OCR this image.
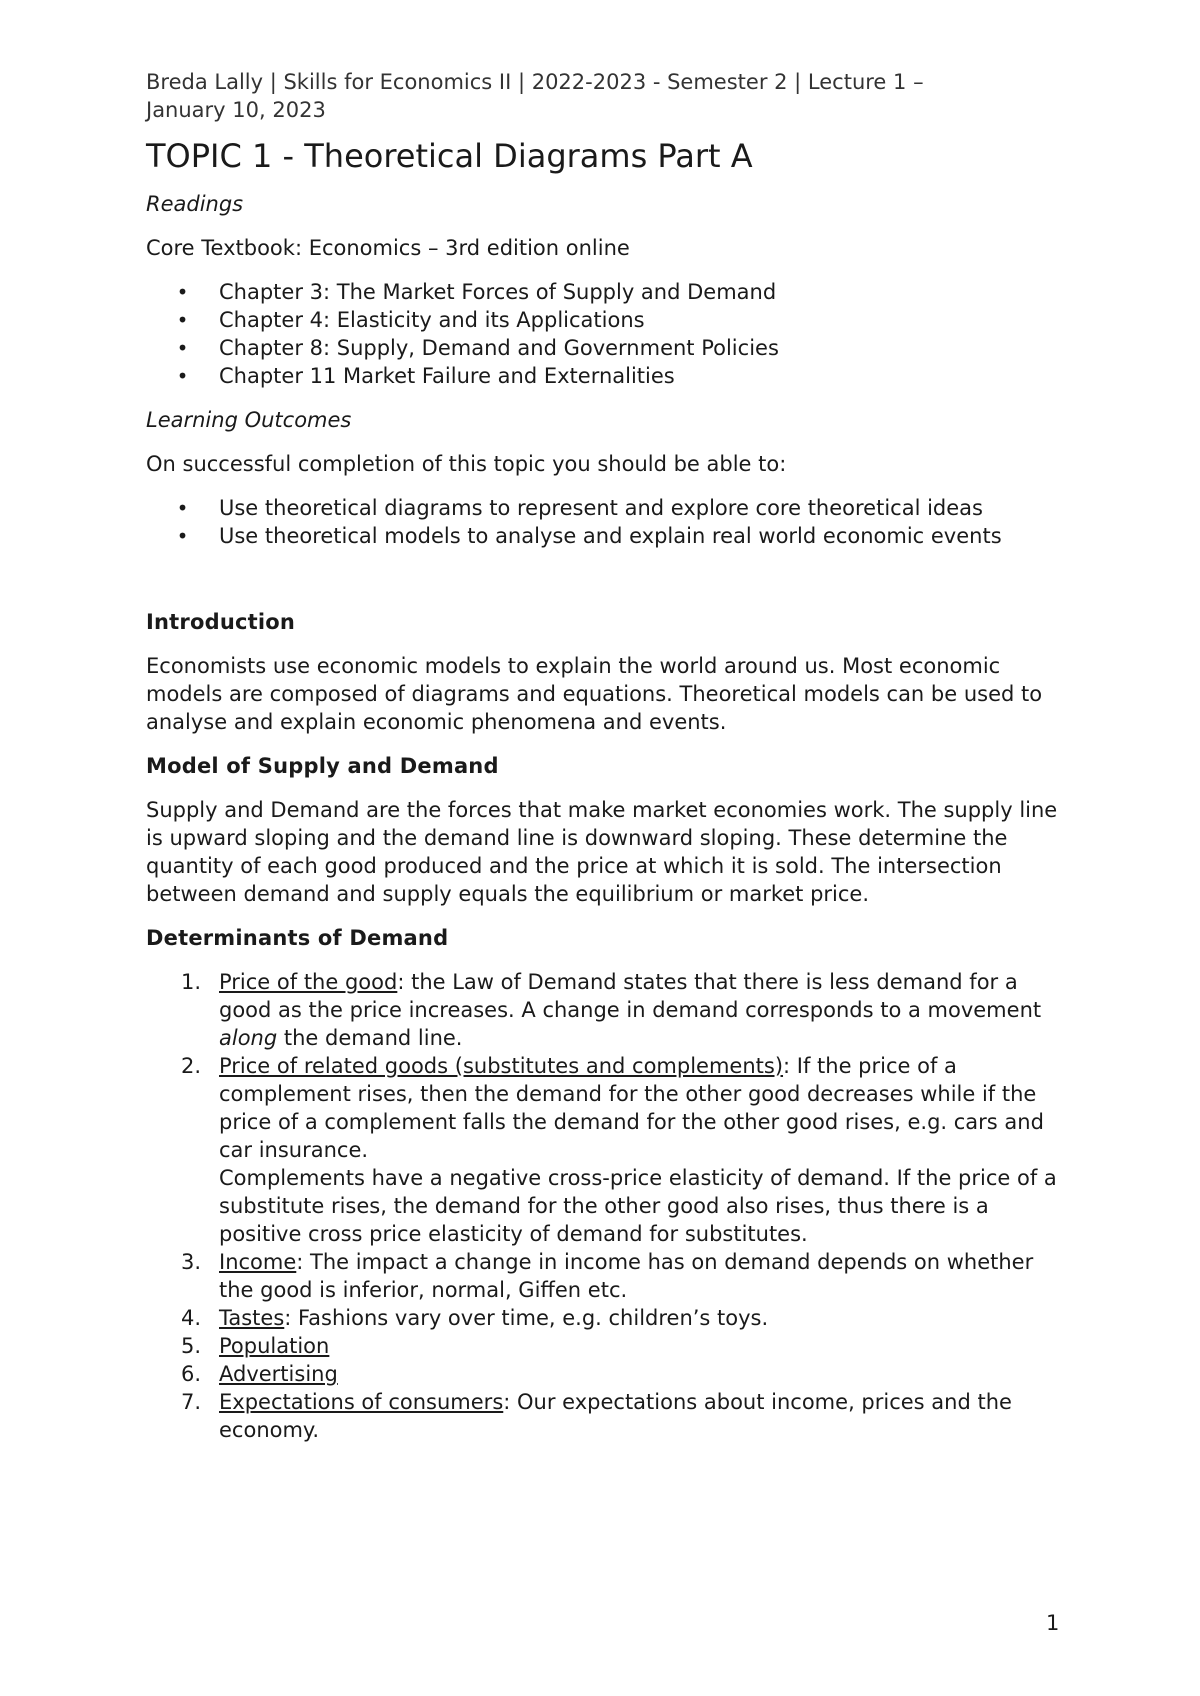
Breda Lally | Skills for Economics II | 2022-2023 - Semester 2 | Lecture 1 –
January 10, 2023
TOPIC 1 - Theoretical Diagrams Part A
Readings

Core Textbook: Economics – 3rd edition online

• Chapter 3: The Market Forces of Supply and Demand
• Chapter 4: Elasticity and its Applications
• Chapter 8: Supply, Demand and Government Policies
• Chapter 11 Market Failure and Externalities
Learning Outcomes

On successful completion of this topic you should be able to:

• Use theoretical diagrams to represent and explore core theoretical ideas
• Use theoretical models to analyse and explain real world economic events
Introduction

Economists use economic models to explain the world around us. Most economic models are composed of diagrams and equations. Theoretical models can be used to analyse and explain economic phenomena and events.

Model of Supply and Demand

Supply and Demand are the forces that make market economies work. The supply line is upward sloping and the demand line is downward sloping. These determine the quantity of each good produced and the price at which it is sold. The intersection between demand and supply equals the equilibrium or market price.

Determinants of Demand
1. Price of the good: the Law of Demand states that there is less demand for a good as the price increases. A change in demand corresponds to a movement along the demand line.
2. Price of related goods (substitutes and complements): If the price of a complement rises, then the demand for the other good decreases while if the price of a complement falls the demand for the other good rises, e.g. cars and car insurance.
Complements have a negative cross-price elasticity of demand. If the price of a substitute rises, the demand for the other good also rises, thus there is a positive cross price elasticity of demand for substitutes.
3. Income: The impact a change in income has on demand depends on whether the good is inferior, normal, Giffen etc.
4. Tastes: Fashions vary over time, e.g. children’s toys.
5. Population
6. Advertising
7. Expectations of consumers: Our expectations about income, prices and the economy.
1
